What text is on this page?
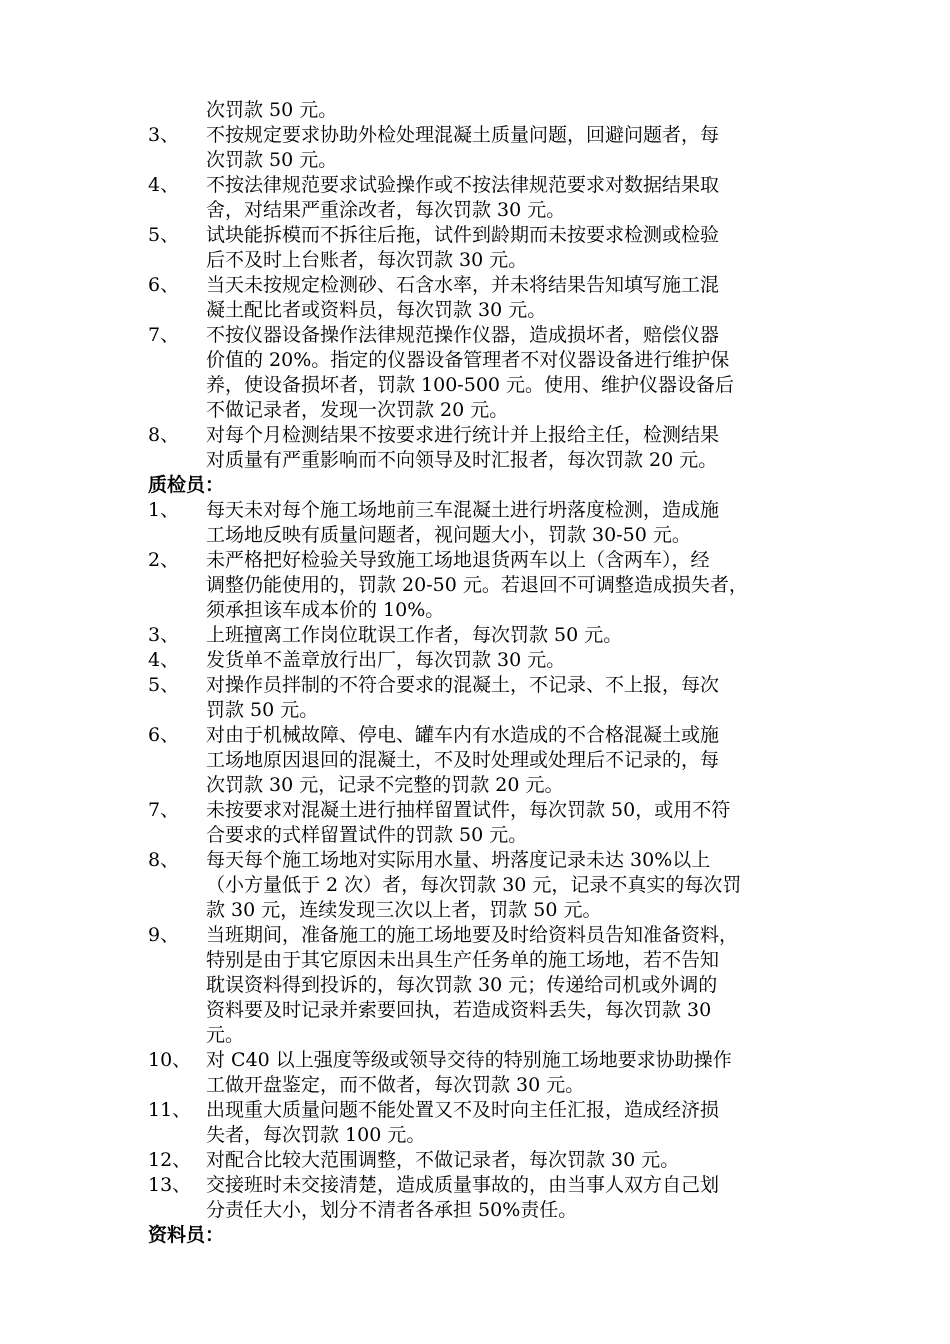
次罚款 50 元。
3、	不按规定要求协助外检处理混凝土质量问题，回避问题者，每
次罚款 50 元。
4、	不按法律规范要求试验操作或不按法律规范要求对数据结果取
舍，对结果严重涂改者，每次罚款 30 元。
5、	试块能拆模而不拆往后拖，试件到龄期而未按要求检测或检验
后不及时上台账者，每次罚款 30 元。
6、	当天未按规定检测砂、石含水率，并未将结果告知填写施工混
凝土配比者或资料员，每次罚款 30 元。
7、	不按仪器设备操作法律规范操作仪器，造成损坏者，赔偿仪器
价值的 20%。指定的仪器设备管理者不对仪器设备进行维护保
养，使设备损坏者，罚款 100-500 元。使用、维护仪器设备后
不做记录者，发现一次罚款 20 元。
8、	对每个月检测结果不按要求进行统计并上报给主任，检测结果
对质量有严重影响而不向领导及时汇报者，每次罚款 20 元。
质检员：
1、	每天未对每个施工场地前三车混凝土进行坍落度检测，造成施
工场地反映有质量问题者，视问题大小，罚款 30-50 元。
2、	未严格把好检验关导致施工场地退货两车以上（含两车），经
调整仍能使用的，罚款 20-50 元。若退回不可调整造成损失者，
须承担该车成本价的 10%。
3、	上班擅离工作岗位耽误工作者，每次罚款 50 元。
4、	发货单不盖章放行出厂，每次罚款 30 元。
5、	对操作员拌制的不符合要求的混凝土，不记录、不上报，每次
罚款 50 元。
6、	对由于机械故障、停电、罐车内有水造成的不合格混凝土或施
工场地原因退回的混凝土，不及时处理或处理后不记录的，每
次罚款 30 元，记录不完整的罚款 20 元。
7、	未按要求对混凝土进行抽样留置试件，每次罚款 50，或用不符
合要求的式样留置试件的罚款 50 元。
8、	每天每个施工场地对实际用水量、坍落度记录未达 30%以上
（小方量低于 2 次）者，每次罚款 30 元，记录不真实的每次罚
款 30 元，连续发现三次以上者，罚款 50 元。
9、	当班期间，准备施工的施工场地要及时给资料员告知准备资料，
特别是由于其它原因未出具生产任务单的施工场地，若不告知
耽误资料得到投诉的，每次罚款 30 元；传递给司机或外调的
资料要及时记录并索要回执，若造成资料丢失，每次罚款 30
元。
10、 对 C40 以上强度等级或领导交待的特别施工场地要求协助操作
工做开盘鉴定，而不做者，每次罚款 30 元。
11、 出现重大质量问题不能处置又不及时向主任汇报，造成经济损
失者，每次罚款 100 元。
12、 对配合比较大范围调整，不做记录者，每次罚款 30 元。
13、 交接班时未交接清楚，造成质量事故的，由当事人双方自己划
分责任大小，划分不清者各承担 50%责任。
资料员：
